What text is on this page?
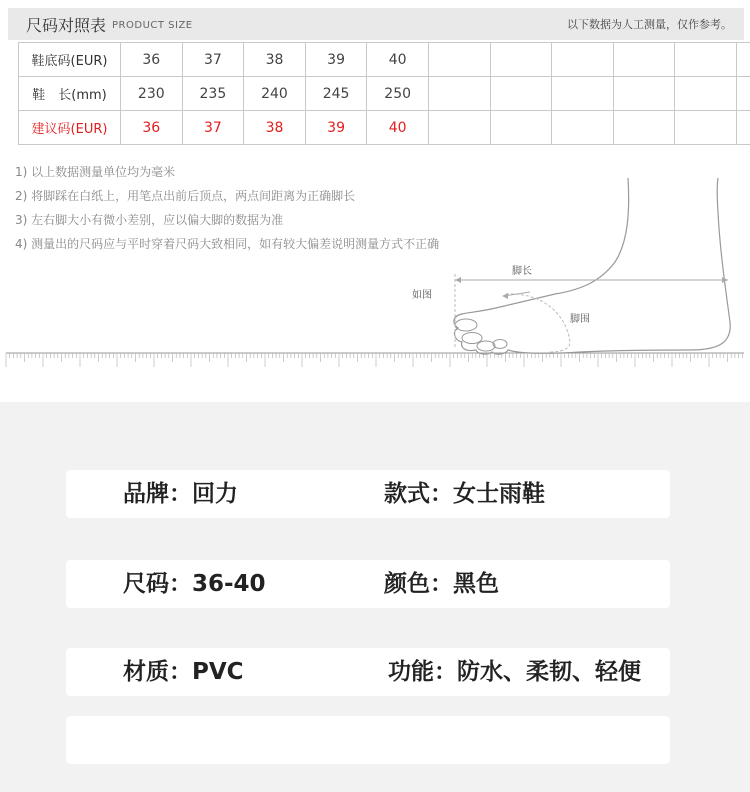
尺码对照表 PRODUCT SIZE	以下数据为人工测量，仅作参考。
鞋底码(EUR)	36	37	38	39	40						
鞋　长(mm)	230	235	240	245	250						
建议码(EUR)	36	37	38	39	40						
1) 以上数据测量单位均为毫米
2) 将脚踩在白纸上，用笔点出前后顶点，两点间距离为正确脚长
3) 左右脚大小有微小差别，应以偏大脚的数据为准
4) 测量出的尺码应与平时穿着尺码大致相同，如有较大偏差说明测量方式不正确
脚长
如图
脚围
品牌：回力	款式：女士雨鞋
尺码：36-40	颜色：黑色
材质：PVC	功能：防水、柔韧、轻便
